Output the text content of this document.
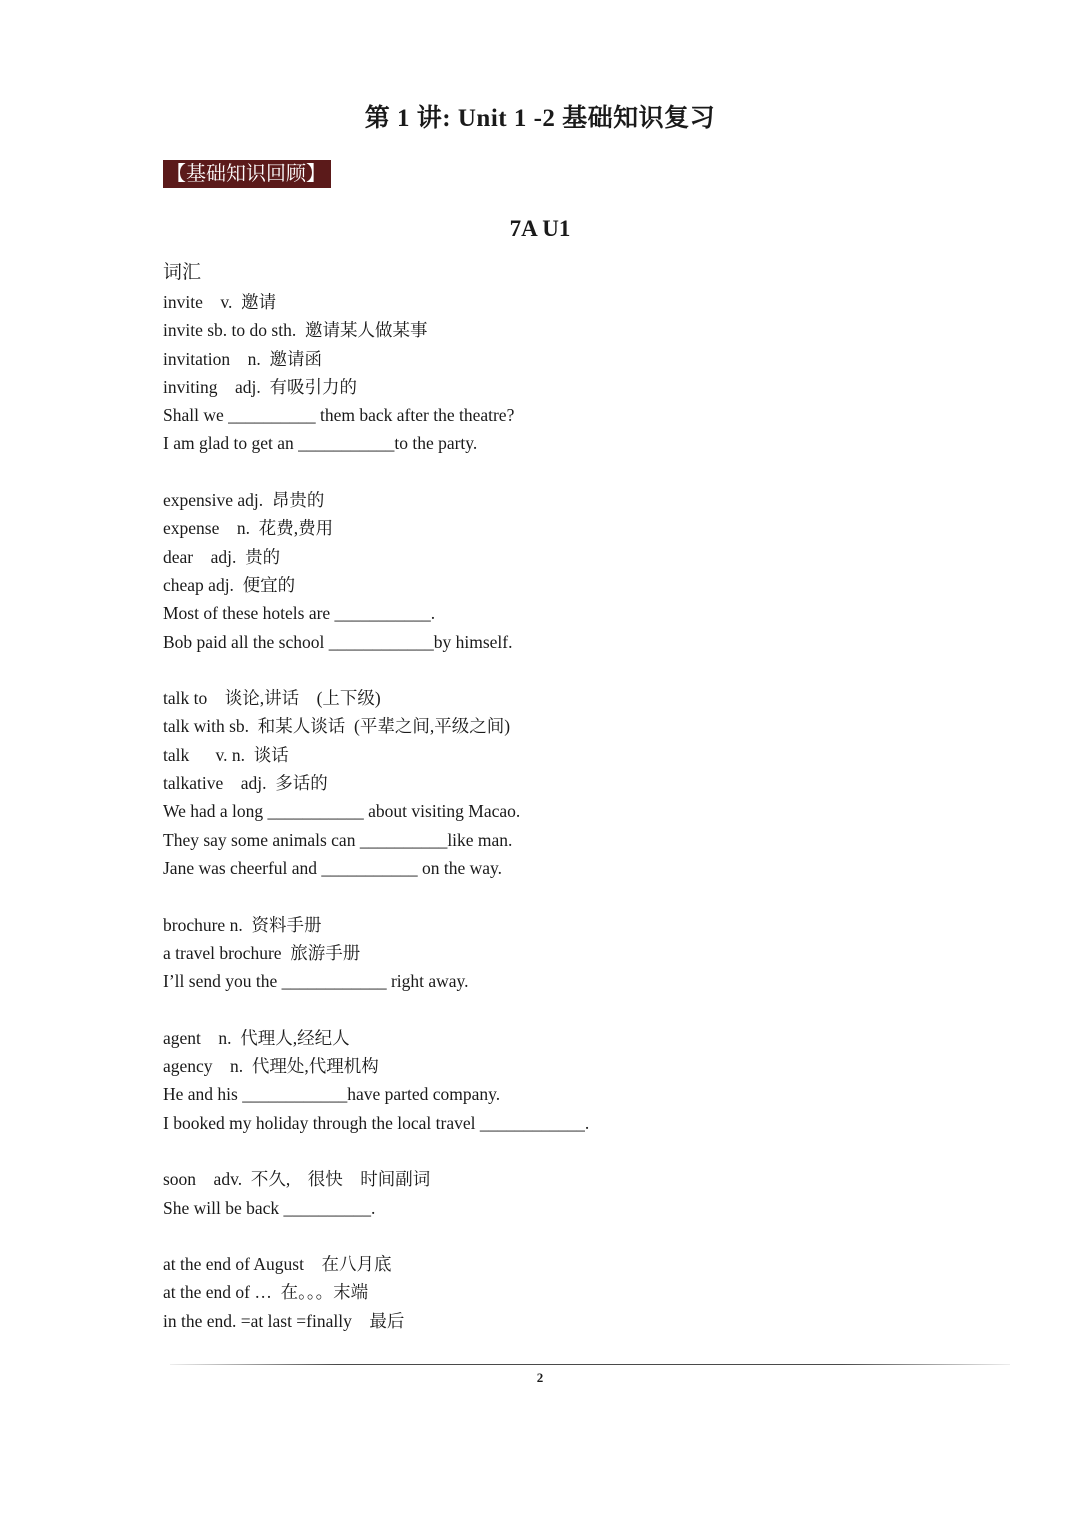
第 1 讲: Unit 1 -2 基础知识复习
【基础知识回顾】
7A U1
词汇
invite    v.  邀请
invite sb. to do sth.  邀请某人做某事
invitation    n.  邀请函
inviting    adj.  有吸引力的
Shall we __________ them back after the theatre?
I am glad to get an ___________to the party.
expensive adj.  昂贵的
expense    n.  花费,费用
dear    adj.  贵的
cheap adj.  便宜的
Most of these hotels are ___________.
Bob paid all the school ____________by himself.
talk to    谈论,讲话    (上下级)
talk with sb.  和某人谈话  (平辈之间,平级之间)
talk      v. n.  谈话
talkative    adj.  多话的
We had a long ___________ about visiting Macao.
They say some animals can __________like man.
Jane was cheerful and ___________ on the way.
brochure n.  资料手册
a travel brochure  旅游手册
I’ll send you the ____________ right away.
agent    n.  代理人,经纪人
agency    n.  代理处,代理机构
He and his ____________have parted company.
I booked my holiday through the local travel ____________.
soon    adv.  不久,    很快    时间副词
She will be back __________.
at the end of August    在八月底
at the end of …  在。。。末端
in the end. =at last =finally    最后
2
